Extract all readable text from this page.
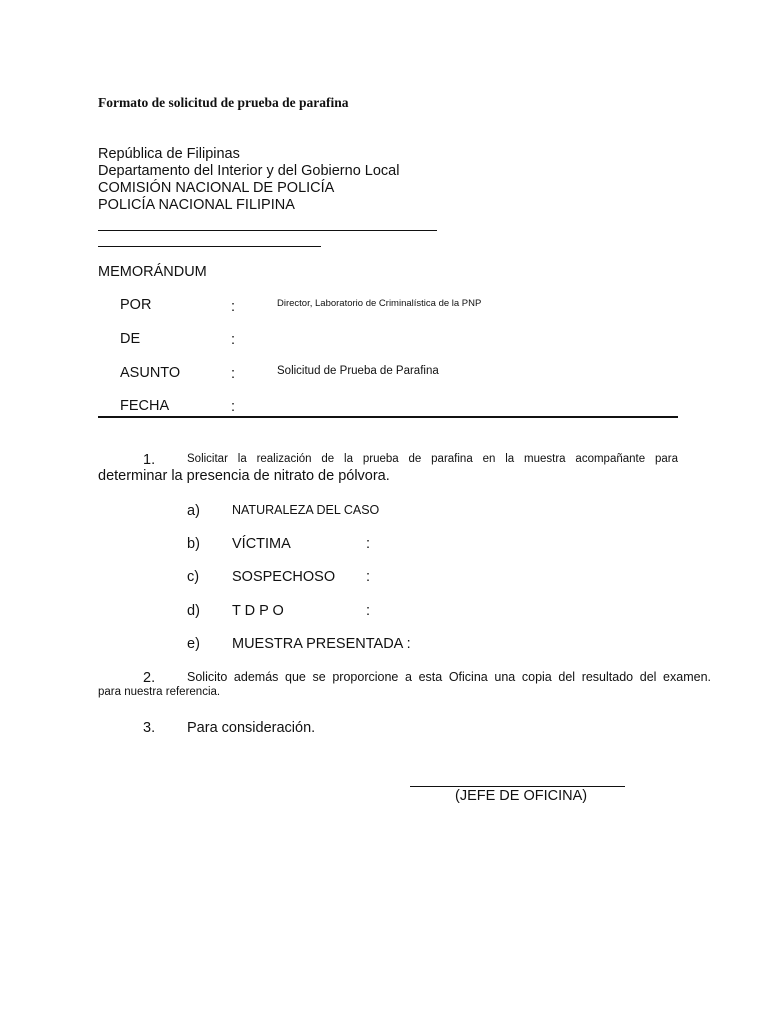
Formato de solicitud de prueba de parafina
República de Filipinas
Departamento del Interior y del Gobierno Local
COMISIÓN NACIONAL DE POLICÍA
POLICÍA NACIONAL FILIPINA
MEMORÁNDUM
POR	:	Director, Laboratorio de Criminalística de la PNP
DE	:
ASUNTO	:	Solicitud de Prueba de Parafina
FECHA	:
1.	Solicitar la realización de la prueba de parafina en la muestra acompañante para
determinar la presencia de nitrato de pólvora.
a)	NATURALEZA DEL CASO
b) VÍCTIMA	:
c) SOSPECHOSO :
d) T D P O	:
e) MUESTRA PRESENTADA :
2.	Solicito además que se proporcione a esta Oficina una copia del resultado del examen.
para nuestra referencia.
3. Para consideración.
(JEFE DE OFICINA)
